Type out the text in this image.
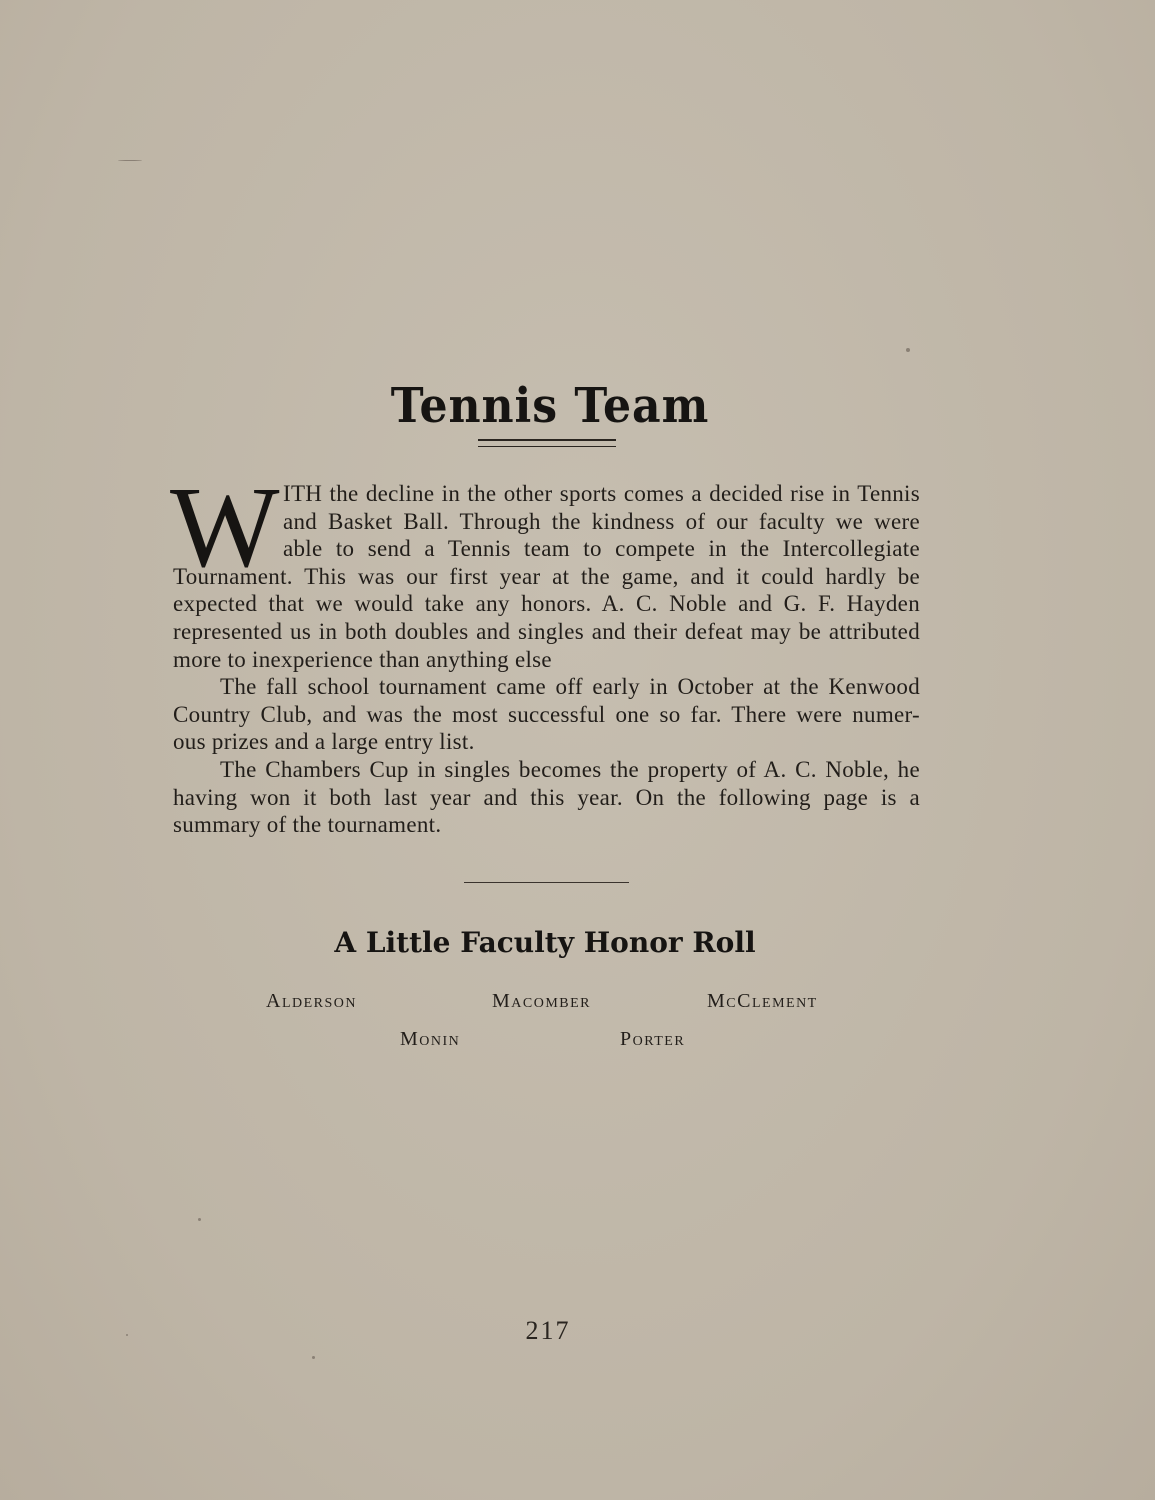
Tennis Team
W ITH the decline in the other sports comes a decided rise in Tennis
and Basket Ball. Through the kindness of our faculty we were
able to send a Tennis team to compete in the Intercollegiate
Tournament. This was our first year at the game, and it could hardly be
expected that we would take any honors. A. C. Noble and G. F. Hayden
represented us in both doubles and singles and their defeat may be attributed
more to inexperience than anything else
The fall school tournament came off early in October at the Kenwood
Country Club, and was the most successful one so far. There were numer-
ous prizes and a large entry list.
The Chambers Cup in singles becomes the property of A. C. Noble, he
having won it both last year and this year. On the following page is a
summary of the tournament.
A Little Faculty Honor Roll
Alderson	Macomber	McClement
Monin	Porter
217
